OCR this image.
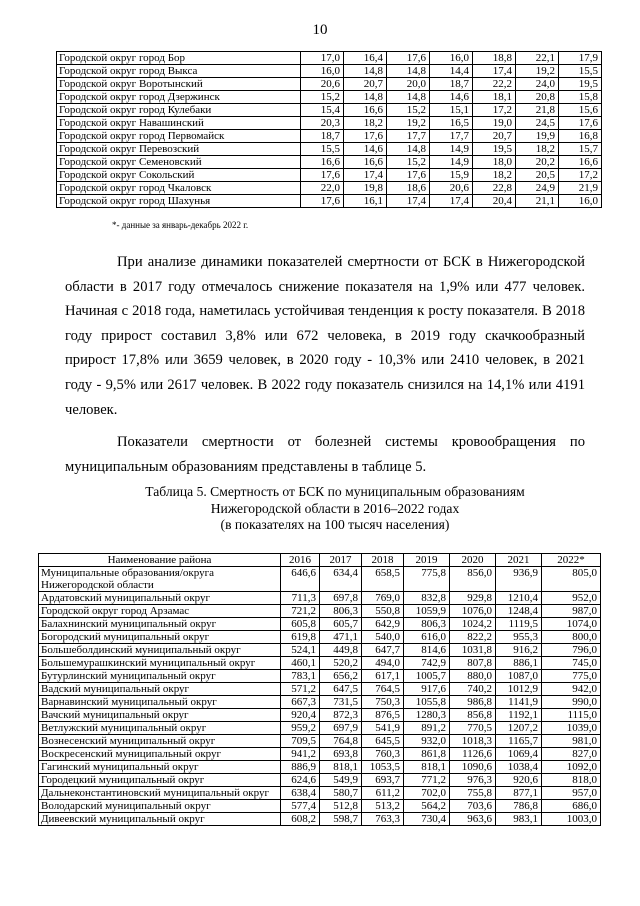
10
Городской округ город Бор	17,0	16,4	17,6	16,0	18,8	22,1	17,9
Городской округ город Выкса	16,0	14,8	14,8	14,4	17,4	19,2	15,5
Городской округ Воротынский	20,6	20,7	20,0	18,7	22,2	24,0	19,5
Городской округ город Дзержинск	15,2	14,8	14,8	14,6	18,1	20,8	15,8
Городской округ город Кулебаки	15,4	16,6	15,2	15,1	17,2	21,8	15,6
Городской округ Навашинский	20,3	18,2	19,2	16,5	19,0	24,5	17,6
Городской округ город Первомайск	18,7	17,6	17,7	17,7	20,7	19,9	16,8
Городской округ Перевозский	15,5	14,6	14,8	14,9	19,5	18,2	15,7
Городской округ Семеновский	16,6	16,6	15,2	14,9	18,0	20,2	16,6
Городской округ Сокольский	17,6	17,4	17,6	15,9	18,2	20,5	17,2
Городской округ город Чкаловск	22,0	19,8	18,6	20,6	22,8	24,9	21,9
Городской округ город Шахунья	17,6	16,1	17,4	17,4	20,4	21,1	16,0
*- данные за январь-декабрь 2022 г.

При анализе динамики показателей смертности от БСК в Нижегородской области в 2017 году отмечалось снижение показателя на 1,9% или 477 человек. Начиная с 2018 года, наметилась устойчивая тенденция к росту показателя. В 2018 году прирост составил 3,8% или 672 человека, в 2019 году скачкообразный прирост 17,8% или 3659 человек, в 2020 году - 10,3% или 2410 человек, в 2021 году - 9,5% или 2617 человек. В 2022 году показатель снизился на 14,1% или 4191 человек.

Показатели смертности от болезней системы кровообращения по муниципальным образованиям представлены в таблице 5.

Таблица 5. Смертность от БСК по муниципальным образованиям
Нижегородской области в 2016–2022 годах
(в показателях на 100 тысяч населения)
Наименование района	2016	2017	2018	2019	2020	2021	2022*
Муниципальные образования/округа Нижегородской области	646,6	634,4	658,5	775,8	856,0	936,9	805,0
Ардатовский муниципальный округ	711,3	697,8	769,0	832,8	929,8	1210,4	952,0
Городской округ город Арзамас	721,2	806,3	550,8	1059,9	1076,0	1248,4	987,0
Балахнинский муниципальный округ	605,8	605,7	642,9	806,3	1024,2	1119,5	1074,0
Богородский муниципальный округ	619,8	471,1	540,0	616,0	822,2	955,3	800,0
Большеболдинский муниципальный округ	524,1	449,8	647,7	814,6	1031,8	916,2	796,0
Большемурашкинский муниципальный округ	460,1	520,2	494,0	742,9	807,8	886,1	745,0
Бутурлинский муниципальный округ	783,1	656,2	617,1	1005,7	880,0	1087,0	775,0
Вадский муниципальный округ	571,2	647,5	764,5	917,6	740,2	1012,9	942,0
Варнавинский муниципальный округ	667,3	731,5	750,3	1055,8	986,8	1141,9	990,0
Вачский муниципальный округ	920,4	872,3	876,5	1280,3	856,8	1192,1	1115,0
Ветлужский муниципальный округ	959,2	697,9	541,9	891,2	770,5	1207,2	1039,0
Вознесенский муниципальный округ	709,5	764,8	645,5	932,0	1018,3	1165,7	981,0
Воскресенский муниципальный округ	941,2	693,8	760,3	861,8	1126,6	1069,4	827,0
Гагинский муниципальный округ	886,9	818,1	1053,5	818,1	1090,6	1038,4	1092,0
Городецкий муниципальный округ	624,6	549,9	693,7	771,2	976,3	920,6	818,0
Дальнеконстантиновский муниципальный округ	638,4	580,7	611,2	702,0	755,8	877,1	957,0
Володарский муниципальный округ	577,4	512,8	513,2	564,2	703,6	786,8	686,0
Дивеевский муниципальный округ	608,2	598,7	763,3	730,4	963,6	983,1	1003,0
